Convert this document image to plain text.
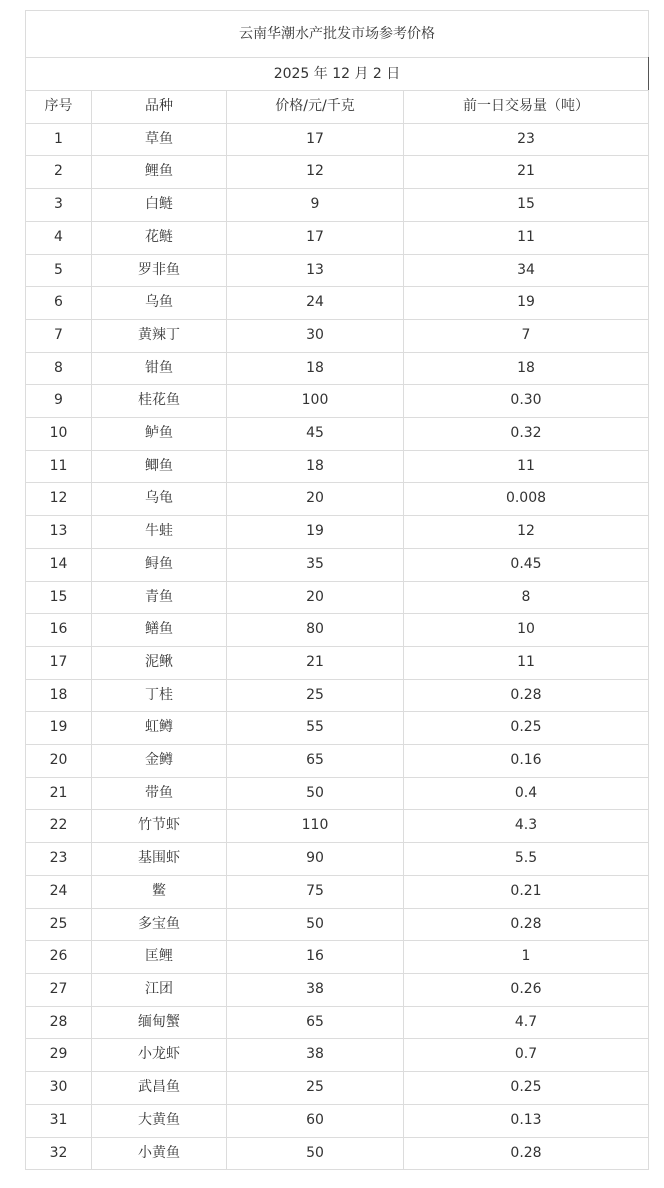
云南华潮水产批发市场参考价格			
2025 年 12 月 2 日			
序号	品种	价格/元/千克	前一日交易量（吨）
1	草鱼	17	23
2	鲤鱼	12	21
3	白鲢	9	15
4	花鲢	17	11
5	罗非鱼	13	34
6	乌鱼	24	19
7	黄辣丁	30	7
8	钳鱼	18	18
9	桂花鱼	100	0.30
10	鲈鱼	45	0.32
11	鲫鱼	18	11
12	乌龟	20	0.008
13	牛蛙	19	12
14	鲟鱼	35	0.45
15	青鱼	20	8
16	鳝鱼	80	10
17	泥鳅	21	11
18	丁桂	25	0.28
19	虹鳟	55	0.25
20	金鳟	65	0.16
21	带鱼	50	0.4
22	竹节虾	110	4.3
23	基围虾	90	5.5
24	鳖	75	0.21
25	多宝鱼	50	0.28
26	匡鲤	16	1
27	江团	38	0.26
28	缅甸蟹	65	4.7
29	小龙虾	38	0.7
30	武昌鱼	25	0.25
31	大黄鱼	60	0.13
32	小黄鱼	50	0.28
